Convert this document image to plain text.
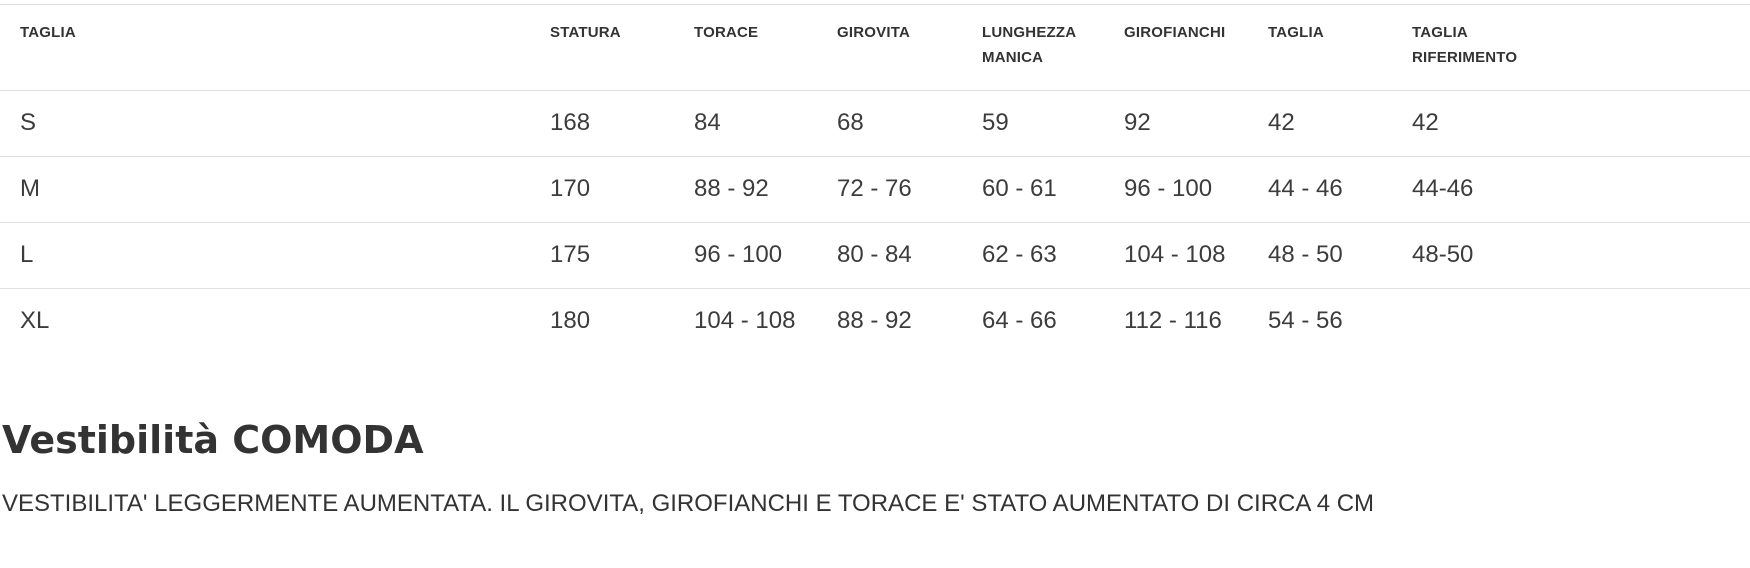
TAGLIA	STATURA	TORACE	GIROVITA	LUNGHEZZA MANICA	GIROFIANCHI	TAGLIA	TAGLIA RIFERIMENTO

S	168	84	68	59	92	42	42
M	170	88 - 92	72 - 76	60 - 61	96 - 100	44 - 46	44-46
L	175	96 - 100	80 - 84	62 - 63	104 - 108	48 - 50	48-50
XL	180	104 - 108	88 - 92	64 - 66	112 - 116	54 - 56	
Vestibilità COMODA

VESTIBILITA' LEGGERMENTE AUMENTATA. IL GIROVITA, GIROFIANCHI E TORACE E' STATO AUMENTATO DI CIRCA 4 CM
